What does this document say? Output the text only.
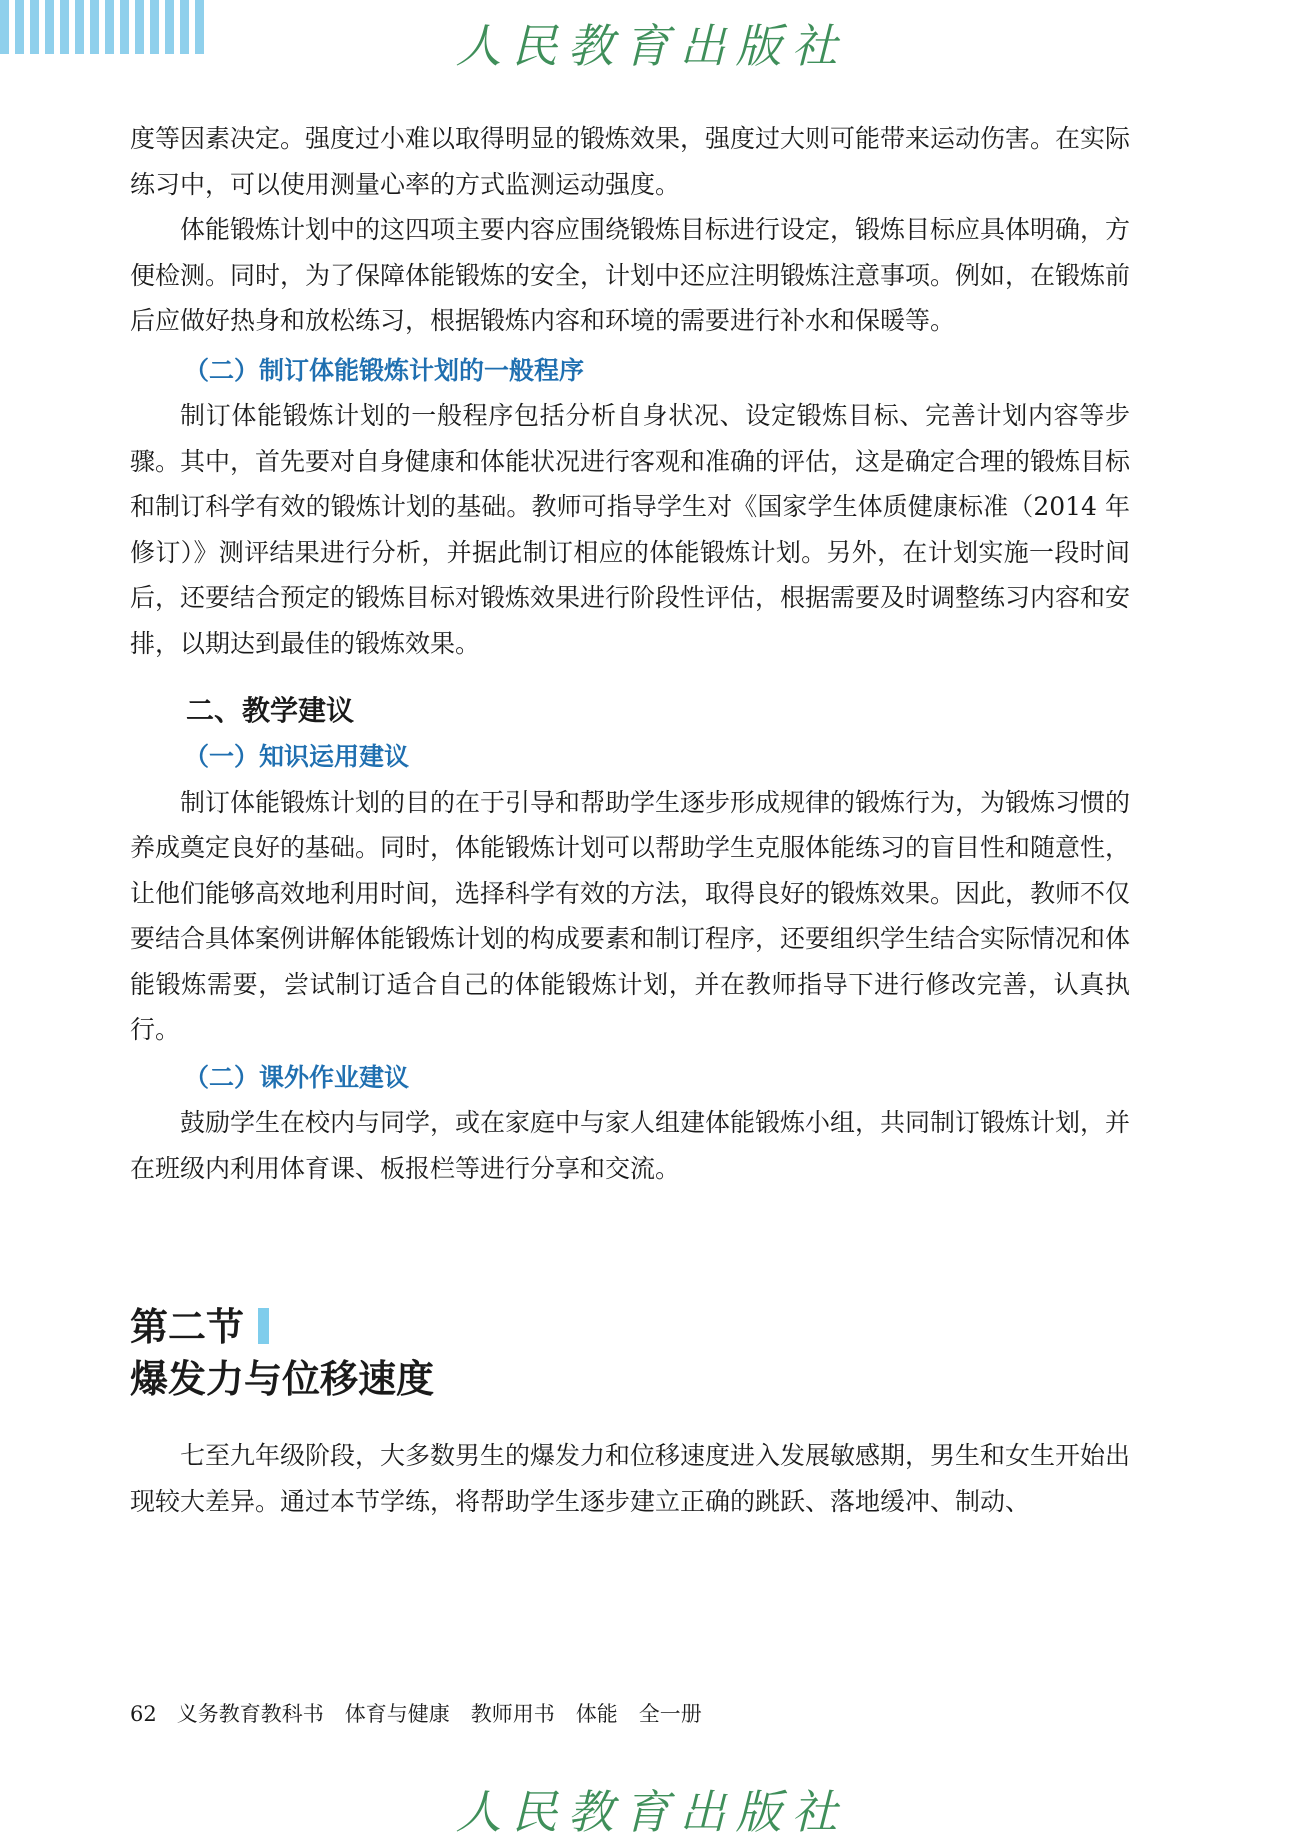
人民教育出版社

度等因素决定。强度过小难以取得明显的锻炼效果，强度过大则可能带来运动伤害。在实际练习中，可以使用测量心率的方式监测运动强度。

体能锻炼计划中的这四项主要内容应围绕锻炼目标进行设定，锻炼目标应具体明确，方便检测。同时，为了保障体能锻炼的安全，计划中还应注明锻炼注意事项。例如，在锻炼前后应做好热身和放松练习，根据锻炼内容和环境的需要进行补水和保暖等。

（二）制订体能锻炼计划的一般程序

制订体能锻炼计划的一般程序包括分析自身状况、设定锻炼目标、完善计划内容等步骤。其中，首先要对自身健康和体能状况进行客观和准确的评估，这是确定合理的锻炼目标和制订科学有效的锻炼计划的基础。教师可指导学生对《国家学生体质健康标准（2014 年修订）》测评结果进行分析，并据此制订相应的体能锻炼计划。另外，在计划实施一段时间后，还要结合预定的锻炼目标对锻炼效果进行阶段性评估，根据需要及时调整练习内容和安排，以期达到最佳的锻炼效果。

二、教学建议

（一）知识运用建议

制订体能锻炼计划的目的在于引导和帮助学生逐步形成规律的锻炼行为，为锻炼习惯的养成奠定良好的基础。同时，体能锻炼计划可以帮助学生克服体能练习的盲目性和随意性，让他们能够高效地利用时间，选择科学有效的方法，取得良好的锻炼效果。因此，教师不仅要结合具体案例讲解体能锻炼计划的构成要素和制订程序，还要组织学生结合实际情况和体能锻炼需要，尝试制订适合自己的体能锻炼计划，并在教师指导下进行修改完善，认真执行。

（二）课外作业建议

鼓励学生在校内与同学，或在家庭中与家人组建体能锻炼小组，共同制订锻炼计划，并在班级内利用体育课、板报栏等进行分享和交流。

第二节

爆发力与位移速度

七至九年级阶段，大多数男生的爆发力和位移速度进入发展敏感期，男生和女生开始出现较大差异。通过本节学练，将帮助学生逐步建立正确的跳跃、落地缓冲、制动、

62 义务教育教科书　体育与健康　教师用书　体能　全一册
人民教育出版社
